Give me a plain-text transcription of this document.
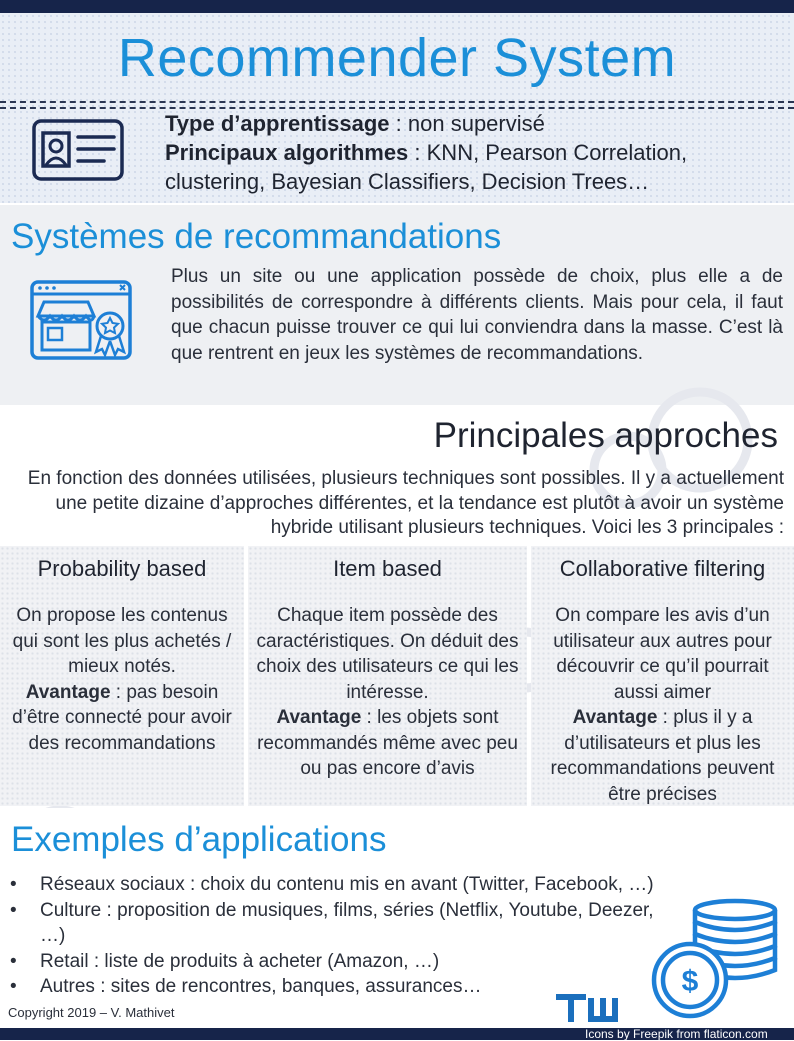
Recommender System
Type d’apprentissage : non supervisé
Principaux algorithmes : KNN, Pearson Correlation, clustering, Bayesian Classifiers, Decision Trees…
Systèmes de recommandations
Plus un site ou une application possède de choix, plus elle a de possibilités de correspondre à différents clients. Mais pour cela, il faut que chacun puisse trouver ce qui lui conviendra dans la masse. C’est là que rentrent en jeux les systèmes de recommandations.
Principales approches
En fonction des données utilisées, plusieurs techniques sont possibles. Il y a actuellement une petite dizaine d’approches différentes, et la tendance est plutôt à avoir un système hybride utilisant plusieurs techniques. Voici les 3 principales :
Probability based

On propose les contenus qui sont les plus achetés / mieux notés.

Avantage : pas besoin d’être connecté pour avoir des recommandations

Item based

Chaque item possède des caractéristiques. On déduit des choix des utilisateurs ce qui les intéresse.

Avantage : les objets sont recommandés même avec peu ou pas encore d’avis

Collaborative filtering

On compare les avis d’un utilisateur aux autres pour découvrir ce qu’il pourrait aussi aimer

Avantage : plus il y a d’utilisateurs et plus les recommandations peuvent être précises

Exemples d’applications
• Réseaux sociaux : choix du contenu mis en avant (Twitter, Facebook, …)
• Culture : proposition de musiques, films, séries (Netflix, Youtube, Deezer, …)
• Retail : liste de produits à acheter (Amazon, …)
• Autres : sites de rencontres, banques, assurances…	$
Copyright 2019 – V. Mathivet
Icons by Freepik from flaticon.com
